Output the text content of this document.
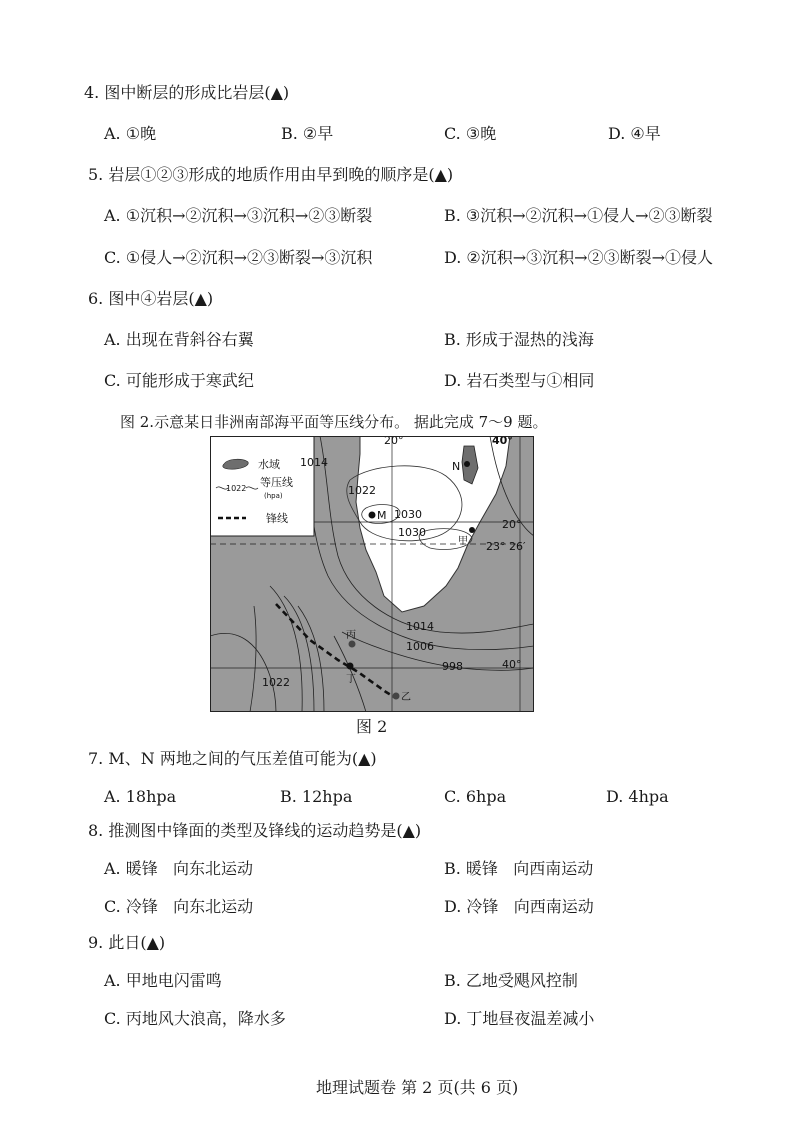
4. 图中断层的形成比岩层(▲)
A. ①晚	B. ②早	C. ③晚	D. ④早
5. 岩层①②③形成的地质作用由早到晚的顺序是(▲)
A. ①沉积→②沉积→③沉积→②③断裂	B. ③沉积→②沉积→①侵人→②③断裂
C. ①侵人→②沉积→②③断裂→③沉积	D. ②沉积→③沉积→②③断裂→①侵人
6. 图中④岩层(▲)
A. 出现在背斜谷右翼	B. 形成于湿热的浅海
C. 可能形成于寒武纪	D. 岩石类型与①相同
图 2.示意某日非洲南部海平面等压线分布。 据此完成 7～9 题。
水域
1022 等压线
(hpa)
锋线
20°	40°
20°
23° 26′
40°
1014
1022
1030
1030
1014
1006
998
1022
M
N
甲
乙
丙
丁
图 2
7. M、N 两地之间的气压差值可能为(▲)
A. 18hpa	B. 12hpa	C. 6hpa	D. 4hpa
8. 推测图中锋面的类型及锋线的运动趋势是(▲)
A. 暖锋   向东北运动	B. 暖锋   向西南运动
C. 冷锋   向东北运动	D. 冷锋   向西南运动
9. 此日(▲)
A. 甲地电闪雷鸣	B. 乙地受飓风控制
C. 丙地风大浪高，降水多	D. 丁地昼夜温差减小
地理试题卷 第 2 页(共 6 页)
